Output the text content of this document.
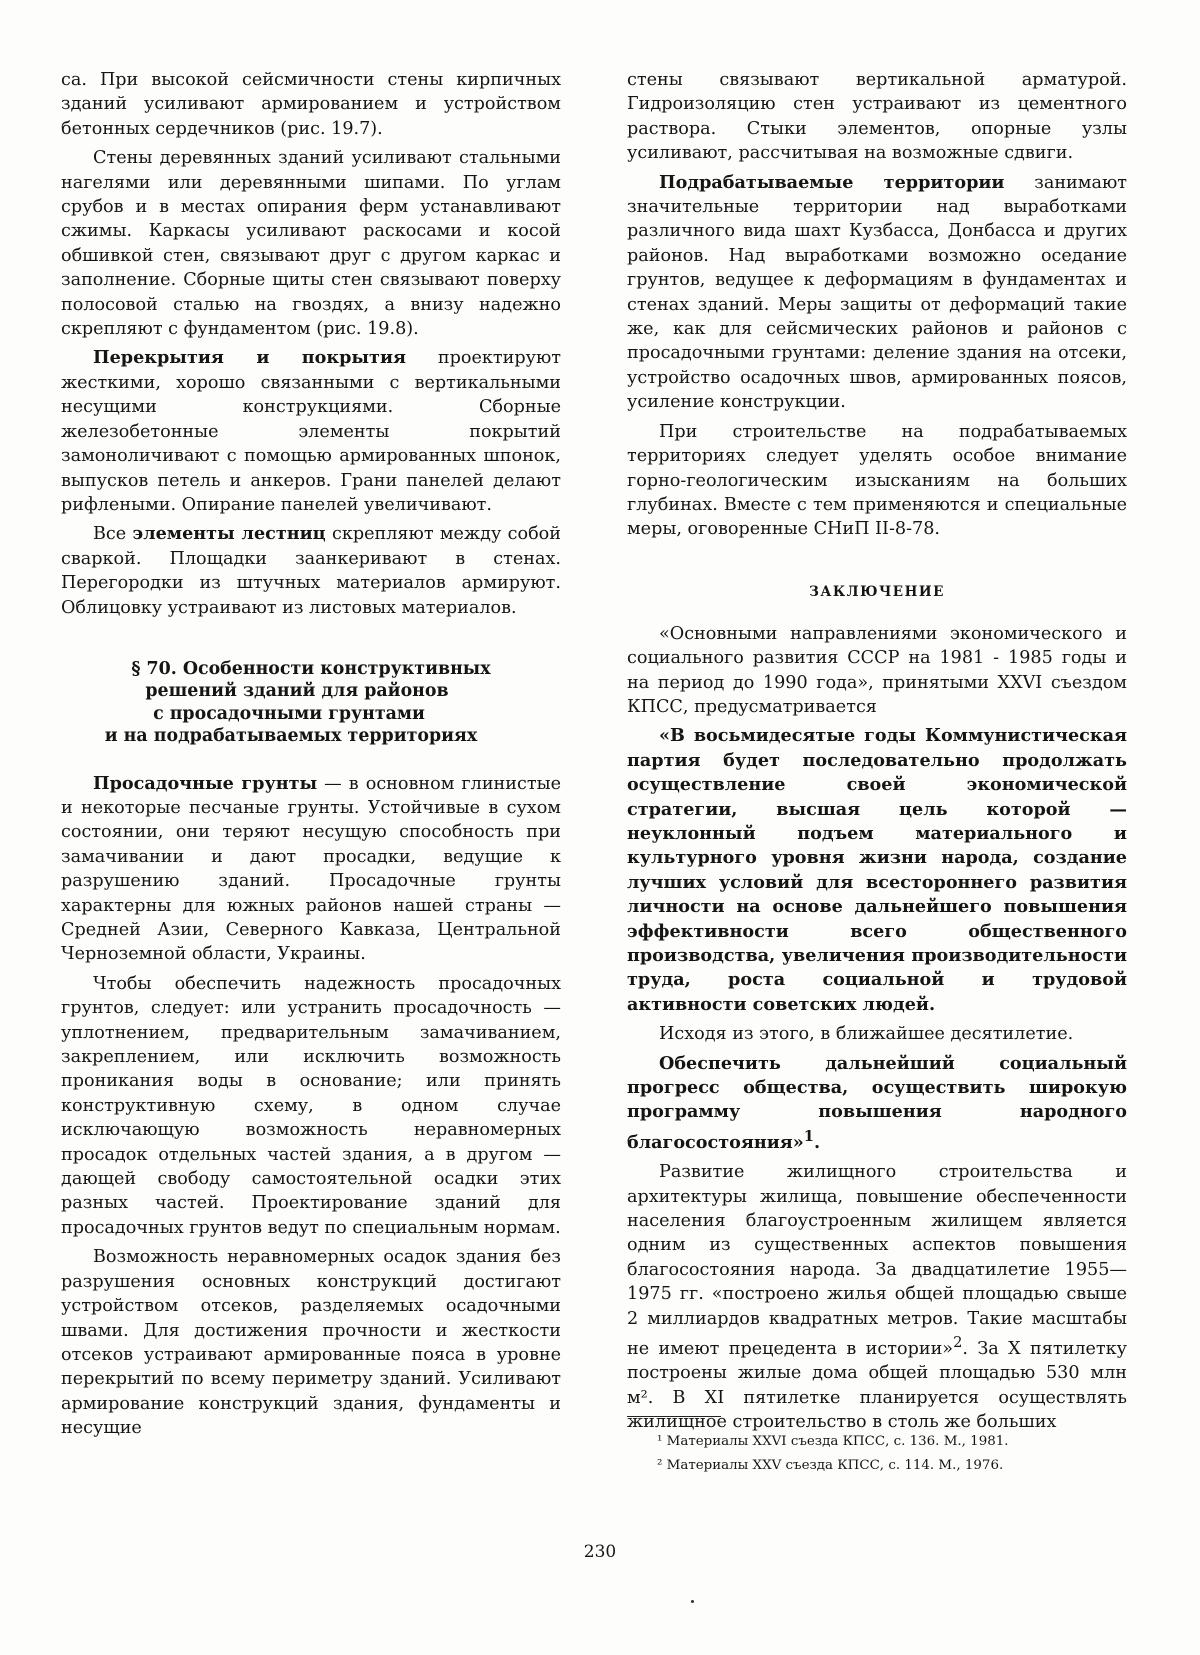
са. При высокой сейсмичности стены кирпичных зданий усиливают армированием и устройством бетонных сердечников (рис. 19.7).

Стены деревянных зданий усиливают стальными нагелями или деревянными шипами. По углам срубов и в местах опирания ферм устанавливают сжимы. Каркасы усиливают раскосами и косой обшивкой стен, связывают друг с другом каркас и заполнение. Сборные щиты стен связывают поверху полосовой сталью на гвоздях, а внизу надежно скрепляют с фундаментом (рис. 19.8).

Перекрытия и покрытия проектируют жесткими, хорошо связанными с вертикальными несущими конструкциями. Сборные железобетонные элементы покрытий замоноличивают с помощью армированных шпонок, выпусков петель и анкеров. Грани панелей делают рифлеными. Опирание панелей увеличивают.

Все элементы лестниц скрепляют между собой сваркой. Площадки заанкеривают в стенах. Перегородки из штучных материалов армируют. Облицовку устраивают из листовых материалов.

§ 70. Особенности конструктивных
решений зданий для районов
с просадочными грунтами
и на подрабатываемых территориях

Просадочные грунты — в основном глинистые и некоторые песчаные грунты. Устойчивые в сухом состоянии, они теряют несущую способность при замачивании и дают просадки, ведущие к разрушению зданий. Просадочные грунты характерны для южных районов нашей страны — Средней Азии, Северного Кавказа, Центральной Черноземной области, Украины.

Чтобы обеспечить надежность просадочных грунтов, следует: или устранить просадочность — уплотнением, предварительным замачиванием, закреплением, или исключить возможность проникания воды в основание; или принять конструктивную схему, в одном случае исключающую возможность неравномерных просадок отдельных частей здания, а в другом — дающей свободу самостоятельной осадки этих разных частей. Проектирование зданий для просадочных грунтов ведут по специальным нормам.

Возможность неравномерных осадок здания без разрушения основных конструкций достигают устройством отсеков, разделяемых осадочными швами. Для достижения прочности и жесткости отсеков устраивают армированные пояса в уровне перекрытий по всему периметру зданий. Усиливают армирование конструкций здания, фундаменты и несущие

стены связывают вертикальной арматурой. Гидроизоляцию стен устраивают из цементного раствора. Стыки элементов, опорные узлы усиливают, рассчитывая на возможные сдвиги.

Подрабатываемые территории занимают значительные территории над выработками различного вида шахт Кузбасса, Донбасса и других районов. Над выработками возможно оседание грунтов, ведущее к деформациям в фундаментах и стенах зданий. Меры защиты от деформаций такие же, как для сейсмических районов и районов с просадочными грунтами: деление здания на отсеки, устройство осадочных швов, армированных поясов, усиление конструкции.

При строительстве на подрабатываемых территориях следует уделять особое внимание горно-геологическим изысканиям на больших глубинах. Вместе с тем применяются и специальные меры, оговоренные СНиП II-8-78.

ЗАКЛЮЧЕНИЕ

«Основными направлениями экономического и социального развития СССР на 1981 - 1985 годы и на период до 1990 года», принятыми XXVI съездом КПСС, предусматривается

«В восьмидесятые годы Коммунистическая партия будет последовательно продолжать осуществление своей экономической стратегии, высшая цель которой — неуклонный подъем материального и культурного уровня жизни народа, создание лучших условий для всестороннего развития личности на основе дальнейшего повышения эффективности всего общественного производства, увеличения производительности труда, роста социальной и трудовой активности советских людей.

Исходя из этого, в ближайшее десятилетие.

Обеспечить дальнейший социальный прогресс общества, осуществить широкую программу повышения народного благосостояния»$^1$.

Развитие жилищного строительства и архитектуры жилища, повышение обеспеченности населения благоустроенным жилищем является одним из существенных аспектов повышения благосостояния народа. За двадцатилетие 1955—1975 гг. «построено жилья общей площадью свыше 2 миллиардов квадратных метров. Такие масштабы не имеют прецедента в истории»$^2$. За X пятилетку построены жилые дома общей площадью 530 млн м². В XI пятилетке планируется осуществлять жилищное строительство в столь же больших

¹ Материалы XXVI съезда КПСС, с. 136. М., 1981.
² Материалы XXV съезда КПСС, с. 114. М., 1976.
230
